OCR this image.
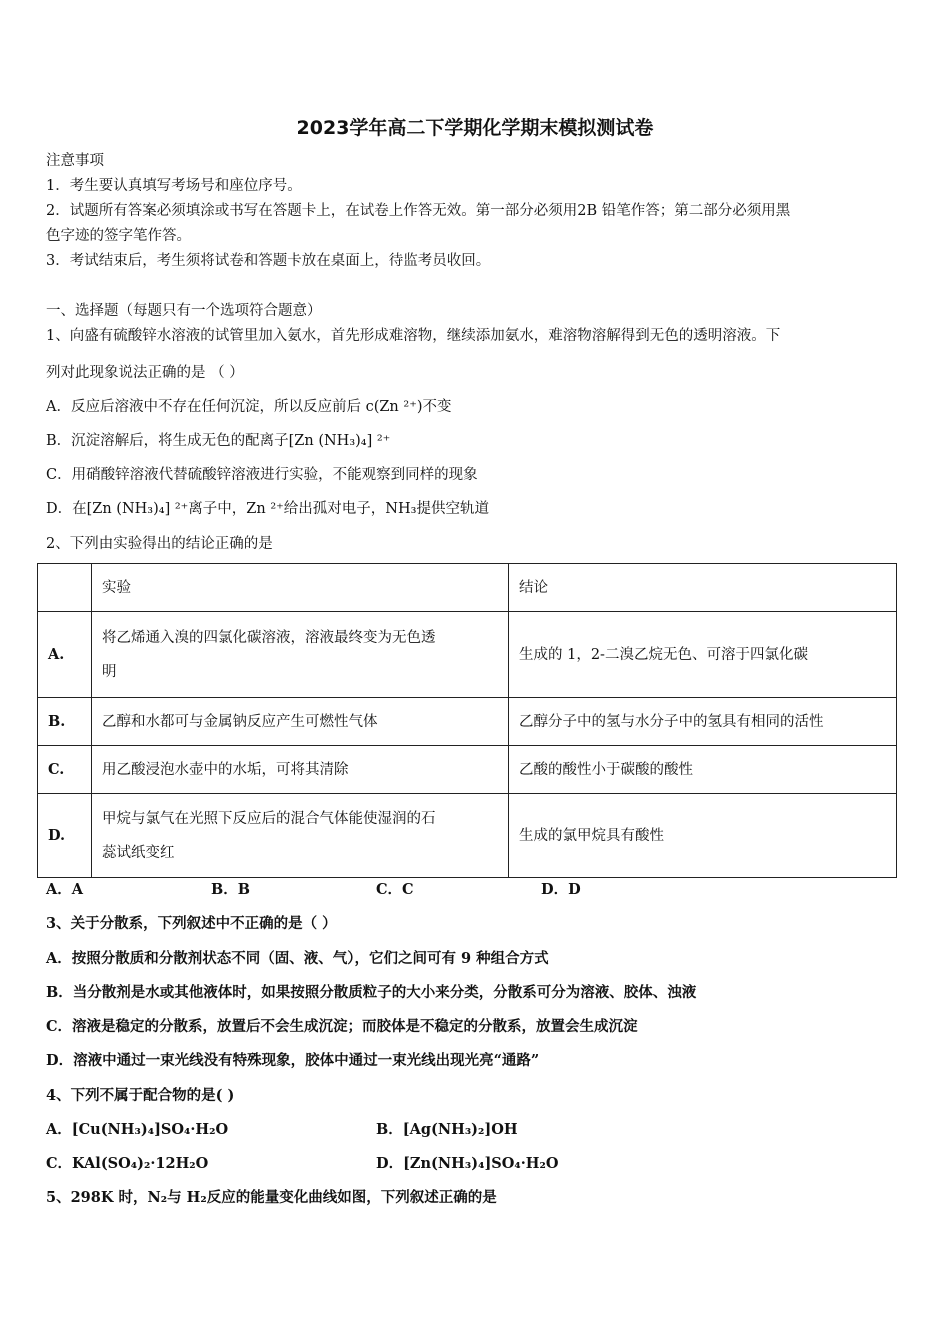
2023学年高二下学期化学期末模拟测试卷
注意事项
1．考生要认真填写考场号和座位序号。
2．试题所有答案必须填涂或书写在答题卡上，在试卷上作答无效。第一部分必须用2B 铅笔作答；第二部分必须用黑
色字迹的签字笔作答。
3．考试结束后，考生须将试卷和答题卡放在桌面上，待监考员收回。
一、选择题（每题只有一个选项符合题意）
1、向盛有硫酸锌水溶液的试管里加入氨水，首先形成难溶物，继续添加氨水，难溶物溶解得到无色的透明溶液。下
列对此现象说法正确的是 （ ）
A．反应后溶液中不存在任何沉淀，所以反应前后 c(Zn ²⁺)不变
B．沉淀溶解后，将生成无色的配离子[Zn (NH₃)₄] ²⁺
C．用硝酸锌溶液代替硫酸锌溶液进行实验，不能观察到同样的现象
D．在[Zn (NH₃)₄] ²⁺离子中，Zn ²⁺给出孤对电子，NH₃提供空轨道
2、下列由实验得出的结论正确的是
	实验	结论
A.	将乙烯通入溴的四氯化碳溶液，溶液最终变为无色透
明	生成的 1，2-二溴乙烷无色、可溶于四氯化碳
B.	乙醇和水都可与金属钠反应产生可燃性气体	乙醇分子中的氢与水分子中的氢具有相同的活性
C.	用乙酸浸泡水壶中的水垢，可将其清除	乙酸的酸性小于碳酸的酸性
D.	甲烷与氯气在光照下反应后的混合气体能使湿润的石
蕊试纸变红	生成的氯甲烷具有酸性
A．A	B．B	C．C	D．D
3、关于分散系，下列叙述中不正确的是（ ）
A．按照分散质和分散剂状态不同（固、液、气），它们之间可有 9 种组合方式
B．当分散剂是水或其他液体时，如果按照分散质粒子的大小来分类，分散系可分为溶液、胶体、浊液
C．溶液是稳定的分散系，放置后不会生成沉淀；而胶体是不稳定的分散系，放置会生成沉淀
D．溶液中通过一束光线没有特殊现象，胶体中通过一束光线出现光亮“通路”
4、下列不属于配合物的是( )
A．[Cu(NH₃)₄]SO₄·H₂O	B．[Ag(NH₃)₂]OH
C．KAl(SO₄)₂·12H₂O	D．[Zn(NH₃)₄]SO₄·H₂O
5、298K 时，N₂与 H₂反应的能量变化曲线如图，下列叙述正确的是
